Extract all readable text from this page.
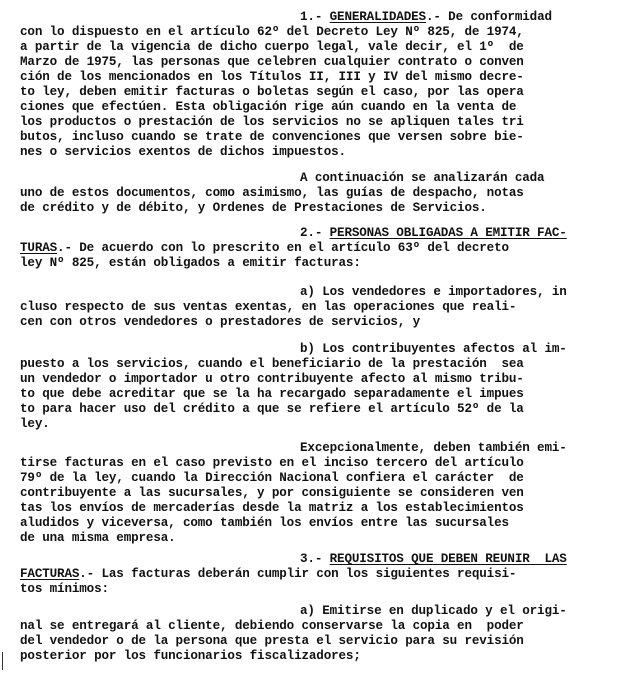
1.- GENERALIDADES.- De conformidad
con lo dispuesto en el artículo 62º del Decreto Ley Nº 825, de 1974,
a partir de la vigencia de dicho cuerpo legal, vale decir, el 1º  de
Marzo de 1975, las personas que celebren cualquier contrato o conven
ción de los mencionados en los Títulos II, III y IV del mismo decre-
to ley, deben emitir facturas o boletas según el caso, por las opera
ciones que efectúen. Esta obligación rige aún cuando en la venta de
los productos o prestación de los servicios no se apliquen tales tri
butos, incluso cuando se trate de convenciones que versen sobre bie-
nes o servicios exentos de dichos impuestos.
A continuación se analizarán cada
uno de estos documentos, como asimismo, las guías de despacho, notas
de crédito y de débito, y Ordenes de Prestaciones de Servicios.
2.- PERSONAS OBLIGADAS A EMITIR FAC-
TURAS.- De acuerdo con lo prescrito en el artículo 63º del decreto
ley Nº 825, están obligados a emitir facturas:
a) Los vendedores e importadores, in
cluso respecto de sus ventas exentas, en las operaciones que reali-
cen con otros vendedores o prestadores de servicios, y
b) Los contribuyentes afectos al im-
puesto a los servicios, cuando el beneficiario de la prestación  sea
un vendedor o importador u otro contribuyente afecto al mismo tribu-
to que debe acreditar que se la ha recargado separadamente el impues
to para hacer uso del crédito a que se refiere el artículo 52º de la
ley.
Excepcionalmente, deben también emi-
tirse facturas en el caso previsto en el inciso tercero del artículo
79º de la ley, cuando la Dirección Nacional confiera el carácter  de
contribuyente a las sucursales, y por consiguiente se consideren ven
tas los envíos de mercaderías desde la matriz a los establecimientos
aludidos y viceversa, como también los envíos entre las sucursales
de una misma empresa.
3.- REQUISITOS QUE DEBEN REUNIR  LAS
FACTURAS.- Las facturas deberán cumplir con los siguientes requisi-
tos mínimos:
a) Emitirse en duplicado y el origi-
nal se entregará al cliente, debiendo conservarse la copia en  poder
del vendedor o de la persona que presta el servicio para su revisión
posterior por los funcionarios fiscalizadores;
